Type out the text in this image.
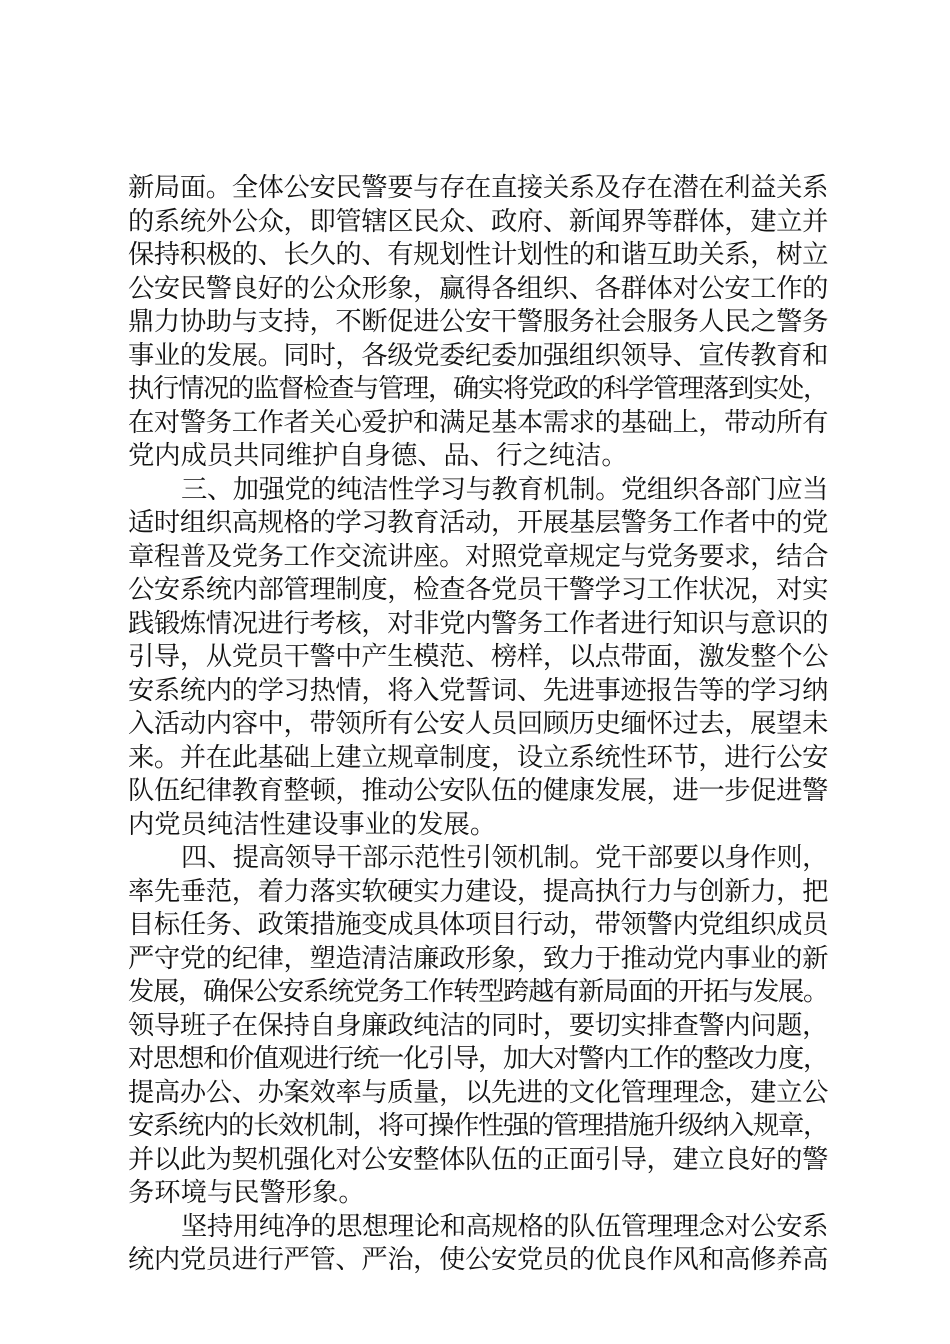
新局面。全体公安民警要与存在直接关系及存在潜在利益关系
的系统外公众，即管辖区民众、政府、新闻界等群体，建立并
保持积极的、长久的、有规划性计划性的和谐互助关系，树立
公安民警良好的公众形象，赢得各组织、各群体对公安工作的
鼎力协助与支持，不断促进公安干警服务社会服务人民之警务
事业的发展。同时，各级党委纪委加强组织领导、宣传教育和
执行情况的监督检查与管理，确实将党政的科学管理落到实处，
在对警务工作者关心爱护和满足基本需求的基础上，带动所有
党内成员共同维护自身德、品、行之纯洁。
三、加强党的纯洁性学习与教育机制。党组织各部门应当
适时组织高规格的学习教育活动，开展基层警务工作者中的党
章程普及党务工作交流讲座。对照党章规定与党务要求，结合
公安系统内部管理制度，检查各党员干警学习工作状况，对实
践锻炼情况进行考核，对非党内警务工作者进行知识与意识的
引导，从党员干警中产生模范、榜样，以点带面，激发整个公
安系统内的学习热情，将入党誓词、先进事迹报告等的学习纳
入活动内容中，带领所有公安人员回顾历史缅怀过去，展望未
来。并在此基础上建立规章制度，设立系统性环节，进行公安
队伍纪律教育整顿，推动公安队伍的健康发展，进一步促进警
内党员纯洁性建设事业的发展。
四、提高领导干部示范性引领机制。党干部要以身作则，
率先垂范，着力落实软硬实力建设，提高执行力与创新力，把
目标任务、政策措施变成具体项目行动，带领警内党组织成员
严守党的纪律，塑造清洁廉政形象，致力于推动党内事业的新
发展，确保公安系统党务工作转型跨越有新局面的开拓与发展。
领导班子在保持自身廉政纯洁的同时，要切实排查警内问题，
对思想和价值观进行统一化引导，加大对警内工作的整改力度，
提高办公、办案效率与质量，以先进的文化管理理念，建立公
安系统内的长效机制，将可操作性强的管理措施升级纳入规章，
并以此为契机强化对公安整体队伍的正面引导，建立良好的警
务环境与民警形象。
坚持用纯净的思想理论和高规格的队伍管理理念对公安系
统内党员进行严管、严治，使公安党员的优良作风和高修养高
